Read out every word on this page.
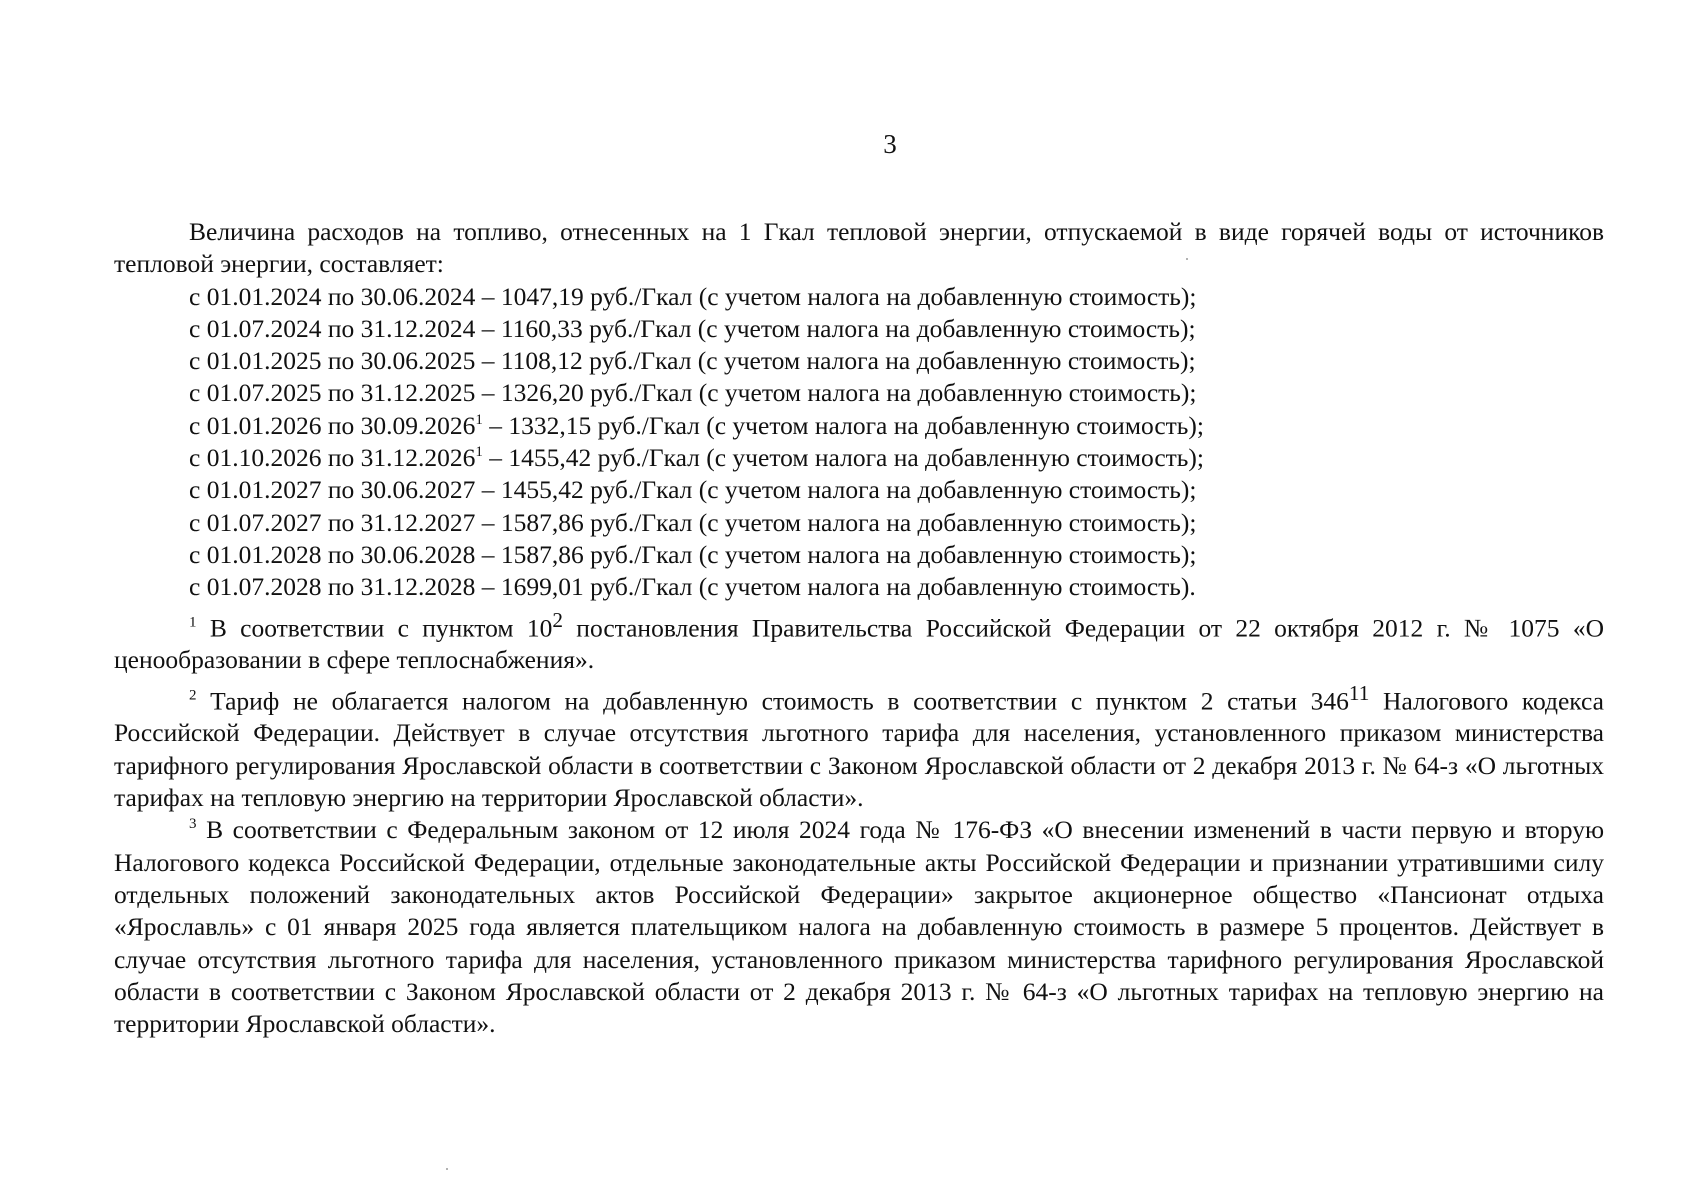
3

Величина расходов на топливо, отнесенных на 1 Гкал тепловой энергии, отпускаемой в виде горячей воды от источников тепловой энергии, составляет:

с 01.01.2024 по 30.06.2024 – 1047,19 руб./Гкал (с учетом налога на добавленную стоимость);
с 01.07.2024 по 31.12.2024 – 1160,33 руб./Гкал (с учетом налога на добавленную стоимость);
с 01.01.2025 по 30.06.2025 – 1108,12 руб./Гкал (с учетом налога на добавленную стоимость);
с 01.07.2025 по 31.12.2025 – 1326,20 руб./Гкал (с учетом налога на добавленную стоимость);
с 01.01.2026 по 30.09.2026$^1$ – 1332,15 руб./Гкал (с учетом налога на добавленную стоимость);
с 01.10.2026 по 31.12.2026$^1$ – 1455,42 руб./Гкал (с учетом налога на добавленную стоимость);
с 01.01.2027 по 30.06.2027 – 1455,42 руб./Гкал (с учетом налога на добавленную стоимость);
с 01.07.2027 по 31.12.2027 – 1587,86 руб./Гкал (с учетом налога на добавленную стоимость);
с 01.01.2028 по 30.06.2028 – 1587,86 руб./Гкал (с учетом налога на добавленную стоимость);
с 01.07.2028 по 31.12.2028 – 1699,01 руб./Гкал (с учетом налога на добавленную стоимость).

$^1$ В соответствии с пунктом $10^2$ постановления Правительства Российской Федерации от 22 октября 2012 г. № 1075 «О ценообразовании в сфере теплоснабжения».

$^2$ Тариф не облагается налогом на добавленную стоимость в соответствии с пунктом 2 статьи $346^{11}$ Налогового кодекса Российской Федерации. Действует в случае отсутствия льготного тарифа для населения, установленного приказом министерства тарифного регулирования Ярославской области в соответствии с Законом Ярославской области от 2 декабря 2013 г. № 64-з «О льготных тарифах на тепловую энергию на территории Ярославской области».

$^3$ В соответствии с Федеральным законом от 12 июля 2024 года № 176-ФЗ «О внесении изменений в части первую и вторую Налогового кодекса Российской Федерации, отдельные законодательные акты Российской Федерации и признании утратившими силу отдельных положений законодательных актов Российской Федерации» закрытое акционерное общество «Пансионат отдыха «Ярославль» с 01 января 2025 года является плательщиком налога на добавленную стоимость в размере 5 процентов. Действует в случае отсутствия льготного тарифа для населения, установленного приказом министерства тарифного регулирования Ярославской области в соответствии с Законом Ярославской области от 2 декабря 2013 г. № 64-з «О льготных тарифах на тепловую энергию на территории Ярославской области».
